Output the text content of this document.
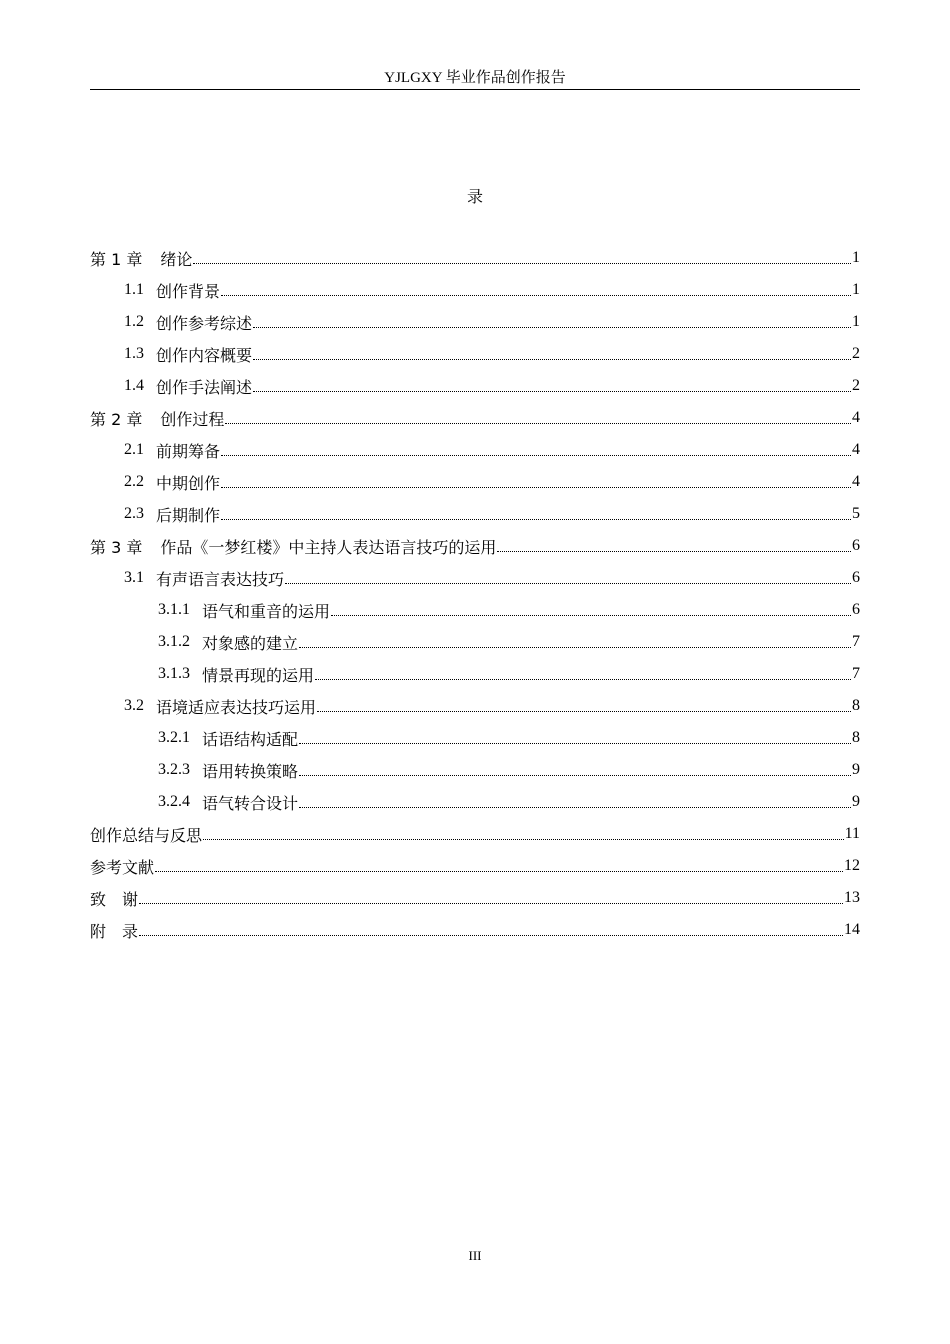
YJLGXY 毕业作品创作报告
录
第 1 章 绪论	1
1.1 创作背景	1
1.2 创作参考综述	1
1.3 创作内容概要	2
1.4 创作手法阐述	2
第 2 章 创作过程	4
2.1 前期筹备	4
2.2 中期创作	4
2.3 后期制作	5
第 3 章 作品《一梦红楼》中主持人表达语言技巧的运用	6
3.1 有声语言表达技巧	6
3.1.1 语气和重音的运用	6
3.1.2 对象感的建立	7
3.1.3 情景再现的运用	7
3.2 语境适应表达技巧运用	8
3.2.1 话语结构适配	8
3.2.3 语用转换策略	9
3.2.4 语气转合设计	9
创作总结与反思	11
参考文献	12
致　谢	13
附　录	14
III
